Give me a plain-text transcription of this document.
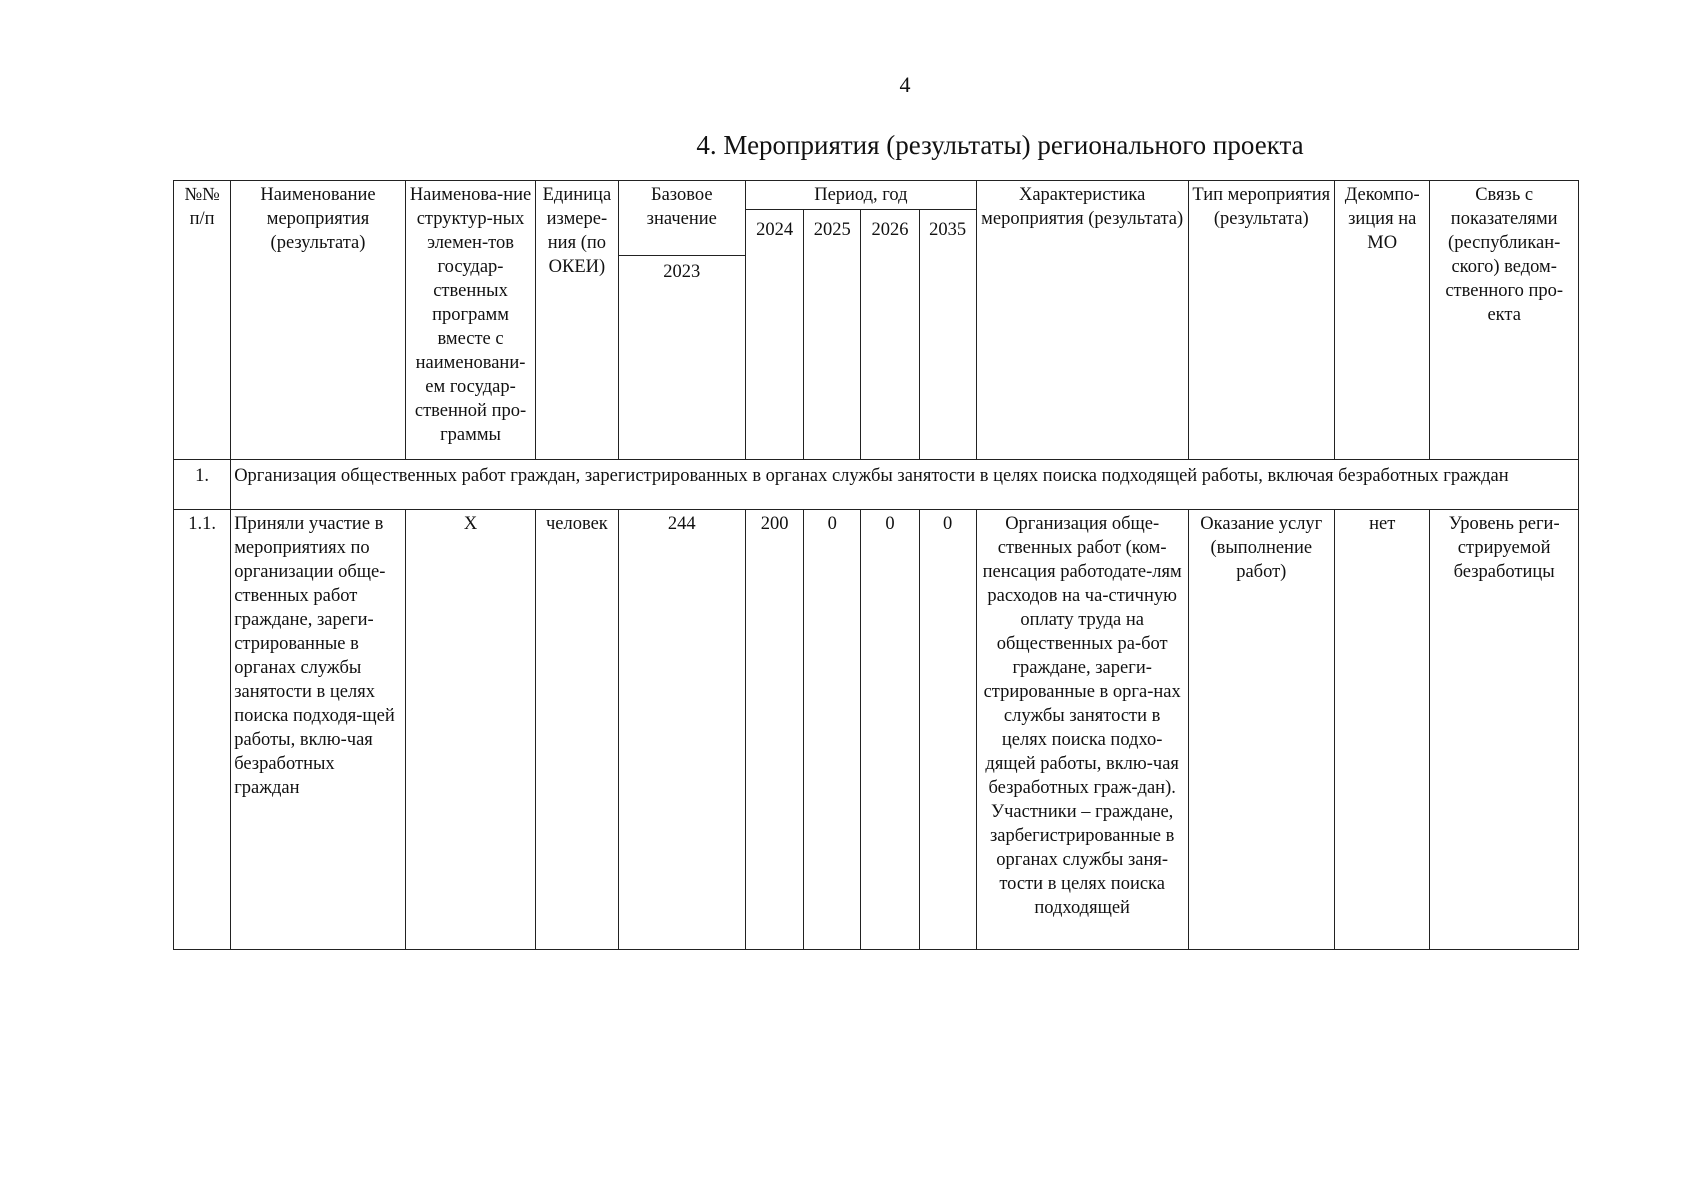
4
4. Мероприятия (результаты) регионального проекта
№№ п/п	Наименование мероприятия (результата)	Наименова-ние структур-ных элемен-тов государ-ственных программ вместе с наименовани-ем государ-ственной про-граммы	Единица измере-ния (по ОКЕИ)	Базовое значение	Период, год				Характеристика мероприятия (результата)	Тип мероприятия (результата)	Декомпо-зиция на МО	Связь с показателями (республикан-ского) ведом-ственного про-екта
					2024	2025	2026	2035				
				2023								
1.	Организация общественных работ граждан, зарегистрированных в органах службы занятости в целях поиска подходящей работы, включая безработных граждан											
1.1.	Приняли участие в мероприятиях по организации обще-ственных работ граждане, зареги-стрированные в органах службы занятости в целях поиска подходя-щей работы, вклю-чая безработных граждан	X	человек	244	200	0	0	0	Организация обще-ственных работ (ком-пенсация работодате-лям расходов на ча-стичную оплату труда на общественных ра-бот граждане, зареги-стрированные в орга-нах службы занятости в целях поиска подхо-дящей работы, вклю-чая безработных граж-дан). Участники – граждане, зарбегистрированные в органах службы заня-тости в целях поиска подходящей	Оказание услуг (выполнение работ)	нет	Уровень реги-стрируемой безработицы
